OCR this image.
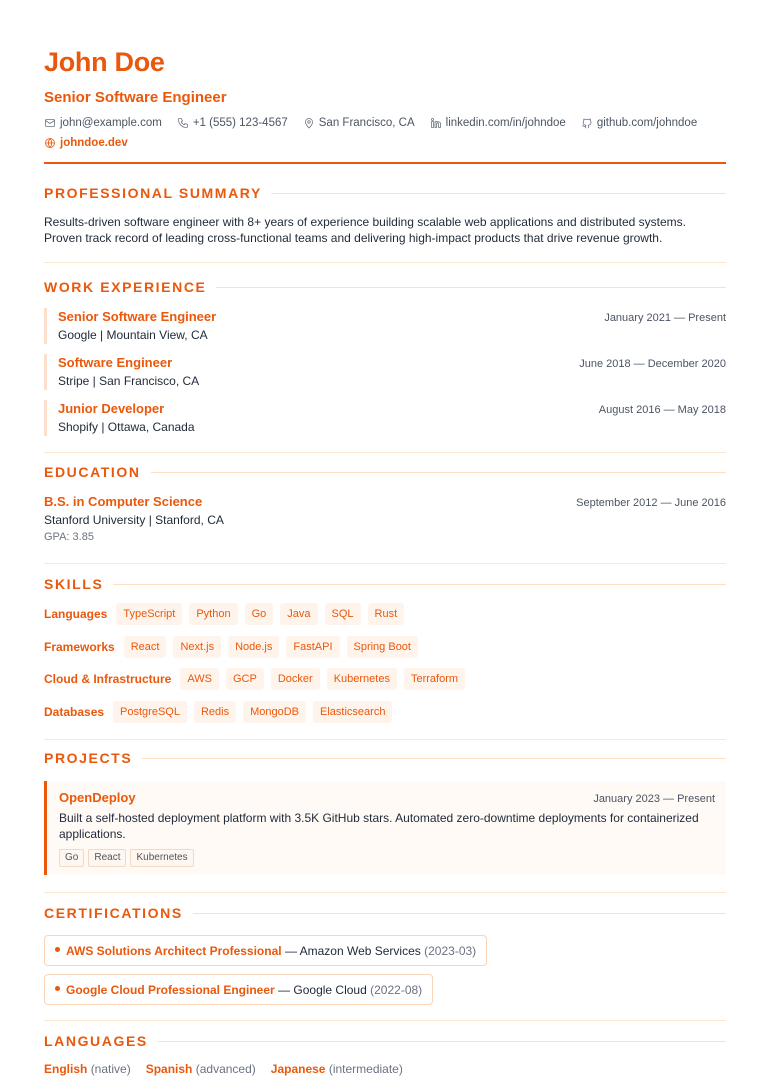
John Doe
Senior Software Engineer
john@example.com	+1 (555) 123-4567	San Francisco, CA	linkedin.com/in/johndoe	github.com/johndoe
johndoe.dev
PROFESSIONAL SUMMARY

Results-driven software engineer with 8+ years of experience building scalable web applications and distributed systems. Proven track record of leading cross-functional teams and delivering high-impact products that drive revenue growth.

WORK EXPERIENCE
Senior Software Engineer	January 2021 — Present
Google | Mountain View, CA
Software Engineer	June 2018 — December 2020
Stripe | San Francisco, CA
Junior Developer	August 2016 — May 2018
Shopify | Ottawa, Canada
EDUCATION
B.S. in Computer Science	September 2012 — June 2016
Stanford University | Stanford, CA
GPA: 3.85
SKILLS
Languages	TypeScript	Python	Go	Java	SQL	Rust
Frameworks	React	Next.js	Node.js	FastAPI	Spring Boot
Cloud & Infrastructure	AWS	GCP	Docker	Kubernetes	Terraform
Databases	PostgreSQL	Redis	MongoDB	Elasticsearch
PROJECTS
OpenDeploy	January 2023 — Present

Built a self-hosted deployment platform with 3.5K GitHub stars. Automated zero-downtime deployments for containerized applications.

Go	React	Kubernetes
CERTIFICATIONS
AWS Solutions Architect Professional — Amazon Web Services (2023-03)
Google Cloud Professional Engineer — Google Cloud (2022-08)
LANGUAGES
English (native) Spanish (advanced) Japanese (intermediate)
